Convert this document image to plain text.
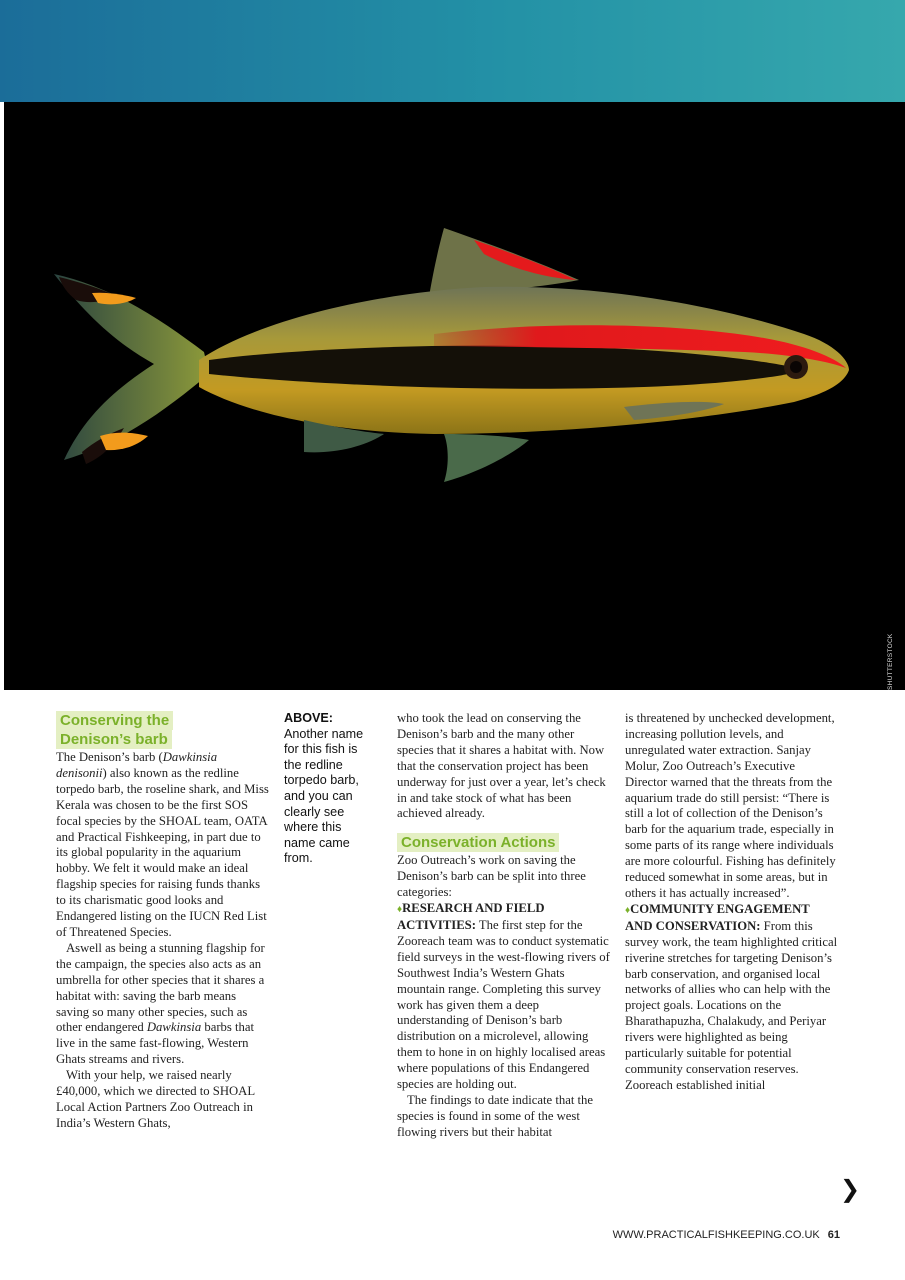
SHUTTERSTOCK
Conserving the
Denison’s barb

The Denison’s barb (Dawkinsia denisonii) also known as the redline torpedo barb, the roseline shark, and Miss Kerala was chosen to be the first SOS focal species by the SHOAL team, OATA and Practical Fishkeeping, in part due to its global popularity in the aquarium hobby. We felt it would make an ideal flagship species for raising funds thanks to its charismatic good looks and Endangered listing on the IUCN Red List of Threatened Species.

Aswell as being a stunning flagship for the campaign, the species also acts as an umbrella for other species that it shares a habitat with: saving the barb means saving so many other species, such as other endangered Dawkinsia barbs that live in the same fast-flowing, Western Ghats streams and rivers.

With your help, we raised nearly £40,000, which we directed to SHOAL Local Action Partners Zoo Outreach in India’s Western Ghats,

ABOVE:
Another name for this fish is the redline torpedo barb, and you can clearly see where this name came from.

who took the lead on conserving the Denison’s barb and the many other species that it shares a habitat with. Now that the conservation project has been underway for just over a year, let’s check in and take stock of what has been achieved already.

Conservation Actions

Zoo Outreach’s work on saving the Denison’s barb can be split into three categories:

♦RESEARCH AND FIELD ACTIVITIES: The first step for the Zooreach team was to conduct systematic field surveys in the west-flowing rivers of Southwest India’s Western Ghats mountain range. Completing this survey work has given them a deep understanding of Denison’s barb distribution on a microlevel, allowing them to hone in on highly localised areas where populations of this Endangered species are holding out.

The findings to date indicate that the species is found in some of the west flowing rivers but their habitat

is threatened by unchecked development, increasing pollution levels, and unregulated water extraction. Sanjay Molur, Zoo Outreach’s Executive Director warned that the threats from the aquarium trade do still persist: “There is still a lot of collection of the Denison’s barb for the aquarium trade, especially in some parts of its range where individuals are more colourful. Fishing has definitely reduced somewhat in some areas, but in others it has actually increased”.

♦COMMUNITY ENGAGEMENT AND CONSERVATION: From this survey work, the team highlighted critical riverine stretches for targeting Denison’s barb conservation, and organised local networks of allies who can help with the project goals. Locations on the Bharathapuzha, Chalakudy, and Periyar rivers were highlighted as being particularly suitable for potential community conservation reserves. Zooreach established initial

❯
WWW.PRACTICALFISHKEEPING.CO.UK 61
